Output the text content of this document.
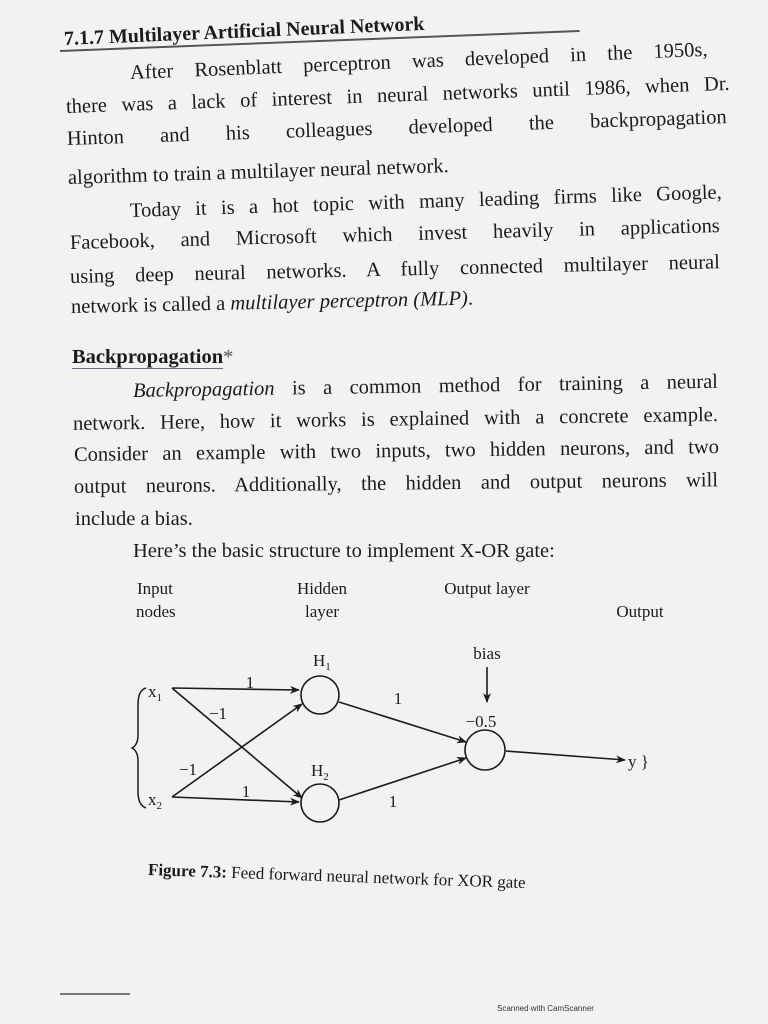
7.1.7 Multilayer Artificial Neural Network
After Rosenblatt perceptron was developed in the 1950s,
there was a lack of interest in neural networks until 1986, when Dr.
Hinton and his colleagues developed the backpropagation
algorithm to train a multilayer neural network.
Today it is a hot topic with many leading firms like Google,
Facebook, and Microsoft which invest heavily in applications
using deep neural networks. A fully connected multilayer neural
network is called a multilayer perceptron (MLP).
Backpropagation*
Backpropagation is a common method for training a neural
network. Here, how it works is explained with a concrete example.
Consider an example with two inputs, two hidden neurons, and two
output neurons. Additionally, the hidden and output neurons will
include a bias.
Here’s the basic structure to implement X-OR gate:
Input
nodes
Hidden
layer
Output layer
Output
bias
−0.5
$x_1$
$x_2$
$H_1$
$H_2$
1
−1
−1
1
1
1
y }
Figure 7.3: Feed forward neural network for XOR gate
Scanned with CamScanner
